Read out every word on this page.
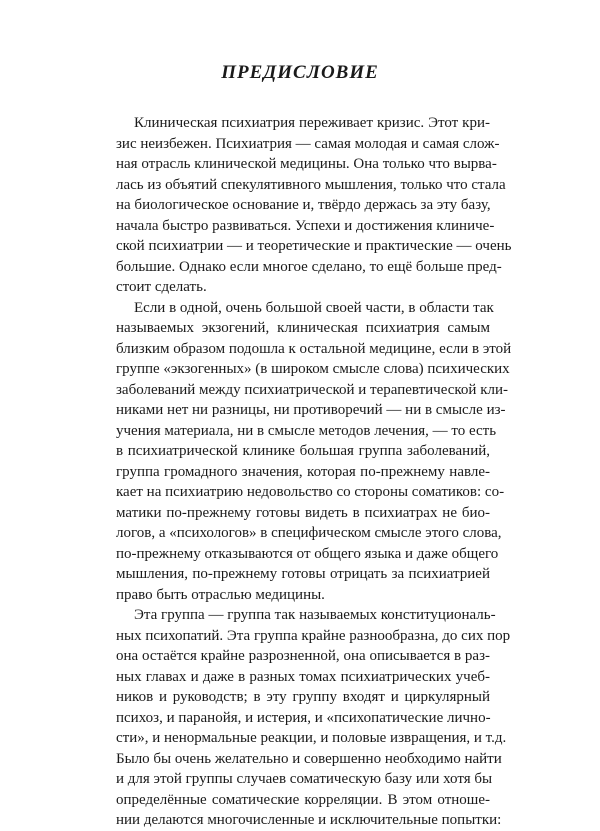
ПРЕДИСЛОВИЕ
Клиническая психиатрия переживает кризис. Этот кри-
зис неизбежен. Психиатрия — самая молодая и самая слож-
ная отрасль клинической медицины. Она только что вырва-
лась из объятий спекулятивного мышления, только что стала
на биологическое основание и, твёрдо держась за эту базу,
начала быстро развиваться. Успехи и достижения клиниче-
ской психиатрии — и теоретические и практические — очень
большие. Однако если многое сделано, то ещё больше пред-
стоит сделать.
Если в одной, очень большой своей части, в области так
называемых экзогений, клиническая психиатрия самым
близким образом подошла к остальной медицине, если в этой
группе «экзогенных» (в широком смысле слова) психических
заболеваний между психиатрической и терапевтической кли-
никами нет ни разницы, ни противоречий — ни в смысле из-
учения материала, ни в смысле методов лечения, — то есть
в психиатрической клинике большая группа заболеваний,
группа громадного значения, которая по-прежнему навле-
кает на психиатрию недовольство со стороны соматиков: со-
матики по-прежнему готовы видеть в психиатрах не био-
логов, а «психологов» в специфическом смысле этого слова,
по-прежнему отказываются от общего языка и даже общего
мышления, по-прежнему готовы отрицать за психиатрией
право быть отраслью медицины.
Эта группа — группа так называемых конституциональ-
ных психопатий. Эта группа крайне разнообразна, до сих пор
она остаётся крайне разрозненной, она описывается в раз-
ных главах и даже в разных томах психиатрических учеб-
ников и руководств; в эту группу входят и циркулярный
психоз, и паранойя, и истерия, и «психопатические лично-
сти», и ненормальные реакции, и половые извращения, и т.д.
Было бы очень желательно и совершенно необходимо найти
и для этой группы случаев соматическую базу или хотя бы
определённые соматические корреляции. В этом отноше-
нии делаются многочисленные и исключительные попытки:
